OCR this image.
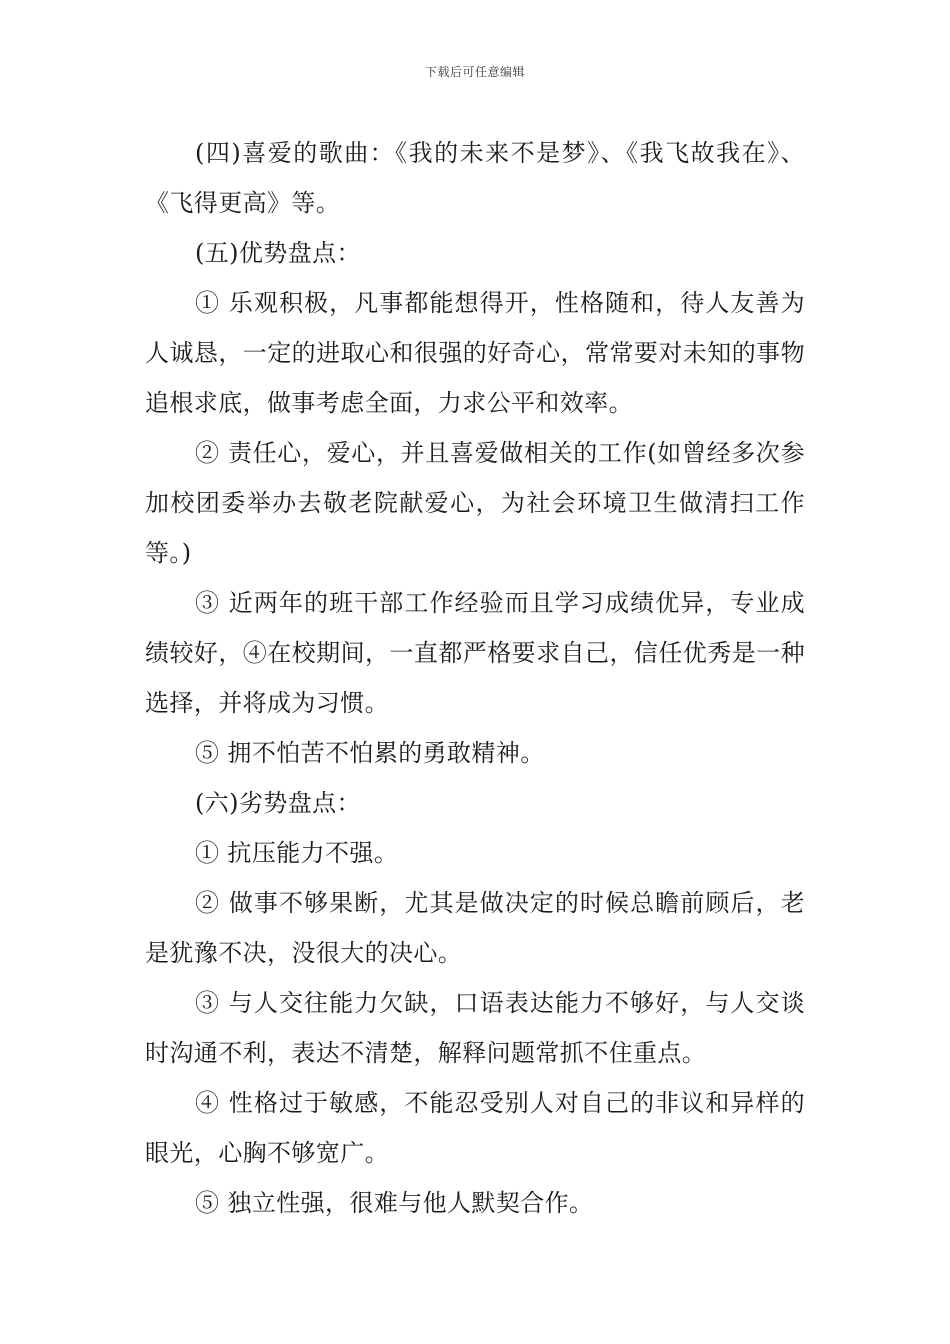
下载后可任意编辑

(四)喜爱的歌曲：《我的未来不是梦》、《我飞故我在》、《飞得更高》等。

(五)优势盘点：

① 乐观积极，凡事都能想得开，性格随和，待人友善为人诚恳，一定的进取心和很强的好奇心，常常要对未知的事物追根求底，做事考虑全面，力求公平和效率。

② 责任心，爱心，并且喜爱做相关的工作(如曾经多次参加校团委举办去敬老院献爱心，为社会环境卫生做清扫工作等。)

③ 近两年的班干部工作经验而且学习成绩优异，专业成绩较好，④在校期间，一直都严格要求自己，信任优秀是一种选择，并将成为习惯。

⑤ 拥不怕苦不怕累的勇敢精神。

(六)劣势盘点：

① 抗压能力不强。

② 做事不够果断，尤其是做决定的时候总瞻前顾后，老是犹豫不决，没很大的决心。

③ 与人交往能力欠缺，口语表达能力不够好，与人交谈时沟通不利，表达不清楚，解释问题常抓不住重点。

④ 性格过于敏感，不能忍受别人对自己的非议和异样的眼光，心胸不够宽广。

⑤ 独立性强，很难与他人默契合作。
